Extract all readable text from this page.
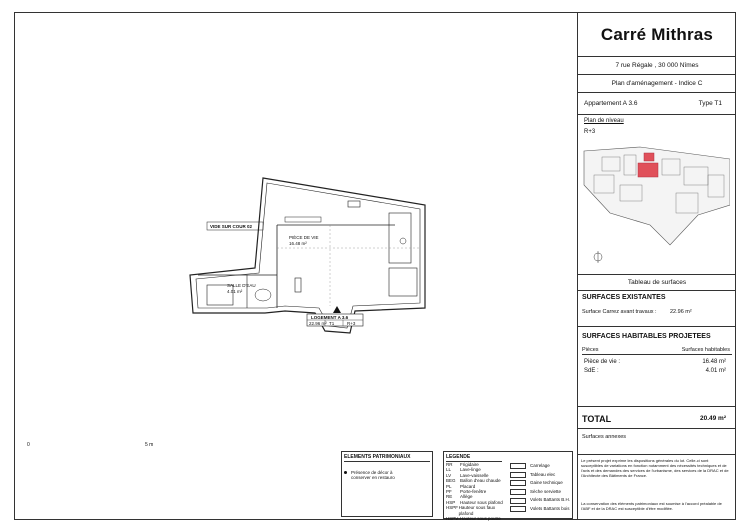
VIDE SUR COUR 02
PIÈCE DE VIE
16.48 m²
SALLE D'EAU
4.01 m²
LOGEMENT A 3.6
22.96 m² T1	R+3
0	5 m
ELEMENTS PATRIMONIAUX
Présence de décor à conserver en restauro
LEGENDE
RR	Frigidaire
LL	Lave-linge
LV	Lave-vaisselle
BEG Ballon d'eau chaude
PL	Placard
PF	Porte-fenêtre
RE	Allège
HSP	Hauteur sous plafond
HSPF Hauteur sous faux plafond
HSPV Hauteur sous poutre
Carrelage
Tableau elec
Gaine technique
Sèche serviette
Volets Battants B.H.
Volets Battants bois
Carré Mithras
7 rue Régale , 30 000 Nîmes
Plan d'aménagement - Indice C
Appartement A 3.6	Type T1
Plan de niveau
R+3
Tableau de surfaces
SURFACES EXISTANTES
Surface Carrez avant travaux : 22.96 m²
SURFACES HABITABLES PROJETEES
Pièces	Surfaces habitables
Pièce de vie :	16.48 m²
SdE :	4.01 m²
TOTAL	20.49 m²
Surfaces annexes
Le présent projet exprime les dispositions générales du lot. Celle-ci sont susceptibles de variations en fonction notamment des nécessités techniques et de l'avis et des demandes des services de l'urbanisme, des services de la DRAC et de l'Architecte des Bâtiments de France.
La conservation des éléments patrimoniaux est soumise à l'accord préalable de l'ABF et de la DRAC est susceptible d'être modifiée.
